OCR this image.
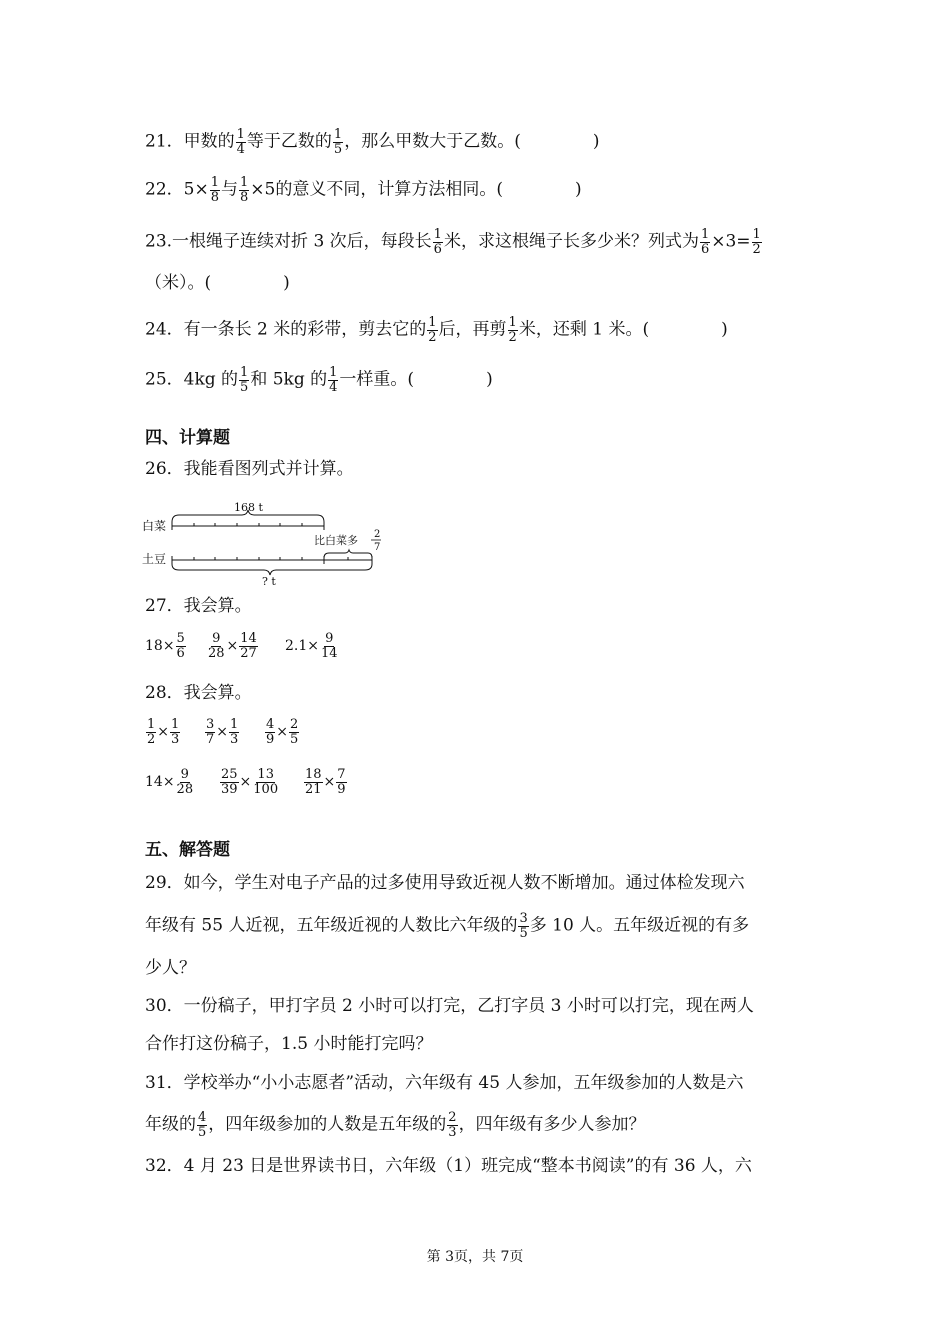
21．甲数的 $\frac{1}{4}$ 等于乙数的 $\frac{1}{5}$ ，那么甲数大于乙数。(	)
22．$5\times \frac{1}{8}$ 与 $\frac{1}{8} \times 5$的意义不同，计算方法相同。(	)
23.一根绳子连续对折 3 次后，每段长 $\frac{1}{6}$ 米，求这根绳子长多少米？列式为 $\frac{1}{6} \times 3= \frac{1}{2}$
（米）。(	)
24．有一条长 2 米的彩带，剪去它的 $\frac{1}{2}$ 后，再剪 $\frac{1}{2}$ 米，还剩 1 米。(	)
25．4kg 的 $\frac{1}{5}$ 和 5kg 的 $\frac{1}{4}$ 一样重。(	)
四、计算题
26．我能看图列式并计算。
白菜
土豆
168 t
比白菜多 2
7
? t
27．我会算。
$18\times \frac{5}{6} \frac{9}{28} \times \frac{14}{27} 2.1\times \frac{9}{14}$
28．我会算。
$\frac{1}{2} \times \frac{1}{3} \frac{3}{7} \times \frac{1}{3} \frac{4}{9} \times \frac{2}{5}$
$14\times \frac{9}{28} \frac{25}{39} \times \frac{13}{100} \frac{18}{21} \times \frac{7}{9}$
五、解答题
29．如今，学生对电子产品的过多使用导致近视人数不断增加。通过体检发现六
年级有 55 人近视，五年级近视的人数比六年级的 $\frac{3}{5}$ 多 10 人。五年级近视的有多
少人？
30．一份稿子，甲打字员 2 小时可以打完，乙打字员 3 小时可以打完，现在两人
合作打这份稿子，1.5 小时能打完吗？
31．学校举办“小小志愿者”活动，六年级有 45 人参加，五年级参加的人数是六
年级的 $\frac{4}{5}$ ，四年级参加的人数是五年级的 $\frac{2}{3}$ ，四年级有多少人参加？
32．4 月 23 日是世界读书日，六年级（1）班完成“整本书阅读”的有 36 人，六
第 3页，共 7页
